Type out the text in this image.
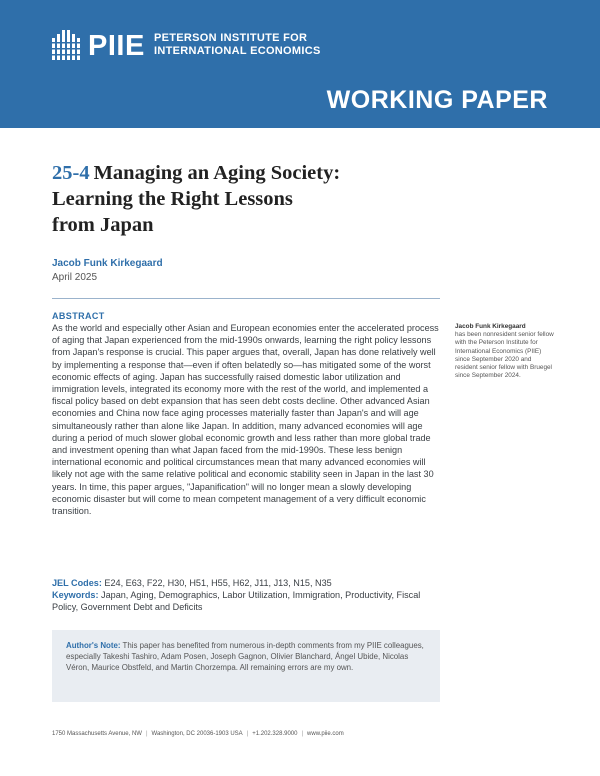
PIIE PETERSON INSTITUTE FOR
INTERNATIONAL ECONOMICS
WORKING PAPER
25-4 Managing an Aging Society:
Learning the Right Lessons
from Japan
Jacob Funk Kirkegaard
April 2025
ABSTRACT

As the world and especially other Asian and European economies enter the accelerated process of aging that Japan experienced from the mid-1990s onwards, learning the right policy lessons from Japan's response is crucial. This paper argues that, overall, Japan has done relatively well by implementing a response that—even if often belatedly so—has mitigated some of the worst economic effects of aging. Japan has successfully raised domestic labor utilization and immigration levels, integrated its economy more with the rest of the world, and implemented a fiscal policy based on debt expansion that has seen debt costs decline. Other advanced Asian economies and China now face aging processes materially faster than Japan's and will age simultaneously rather than alone like Japan. In addition, many advanced economies will age during a period of much slower global economic growth and less rather than more global trade and investment opening than what Japan faced from the mid-1990s. These less benign international economic and political circumstances mean that many advanced economies will likely not age with the same relative political and economic stability seen in Japan in the last 30 years. In time, this paper argues, "Japanification" will no longer mean a slowly developing economic disaster but will come to mean competent management of a very difficult economic transition.

Jacob Funk Kirkegaard
has been nonresident senior fellow with the Peterson Institute for International Economics (PIIE) since September 2020 and resident senior fellow with Bruegel since September 2024.
JEL Codes: E24, E63, F22, H30, H51, H55, H62, J11, J13, N15, N35
Keywords: Japan, Aging, Demographics, Labor Utilization, Immigration, Productivity, Fiscal Policy, Government Debt and Deficits

Author's Note: This paper has benefited from numerous in-depth comments from my PIIE colleagues, especially Takeshi Tashiro, Adam Posen, Joseph Gagnon, Olivier Blanchard, Ángel Ubide, Nicolas Véron, Maurice Obstfeld, and Martin Chorzempa. All remaining errors are my own.

1750 Massachusetts Avenue, NW | Washington, DC 20036-1903 USA | +1.202.328.9000 | www.piie.com
